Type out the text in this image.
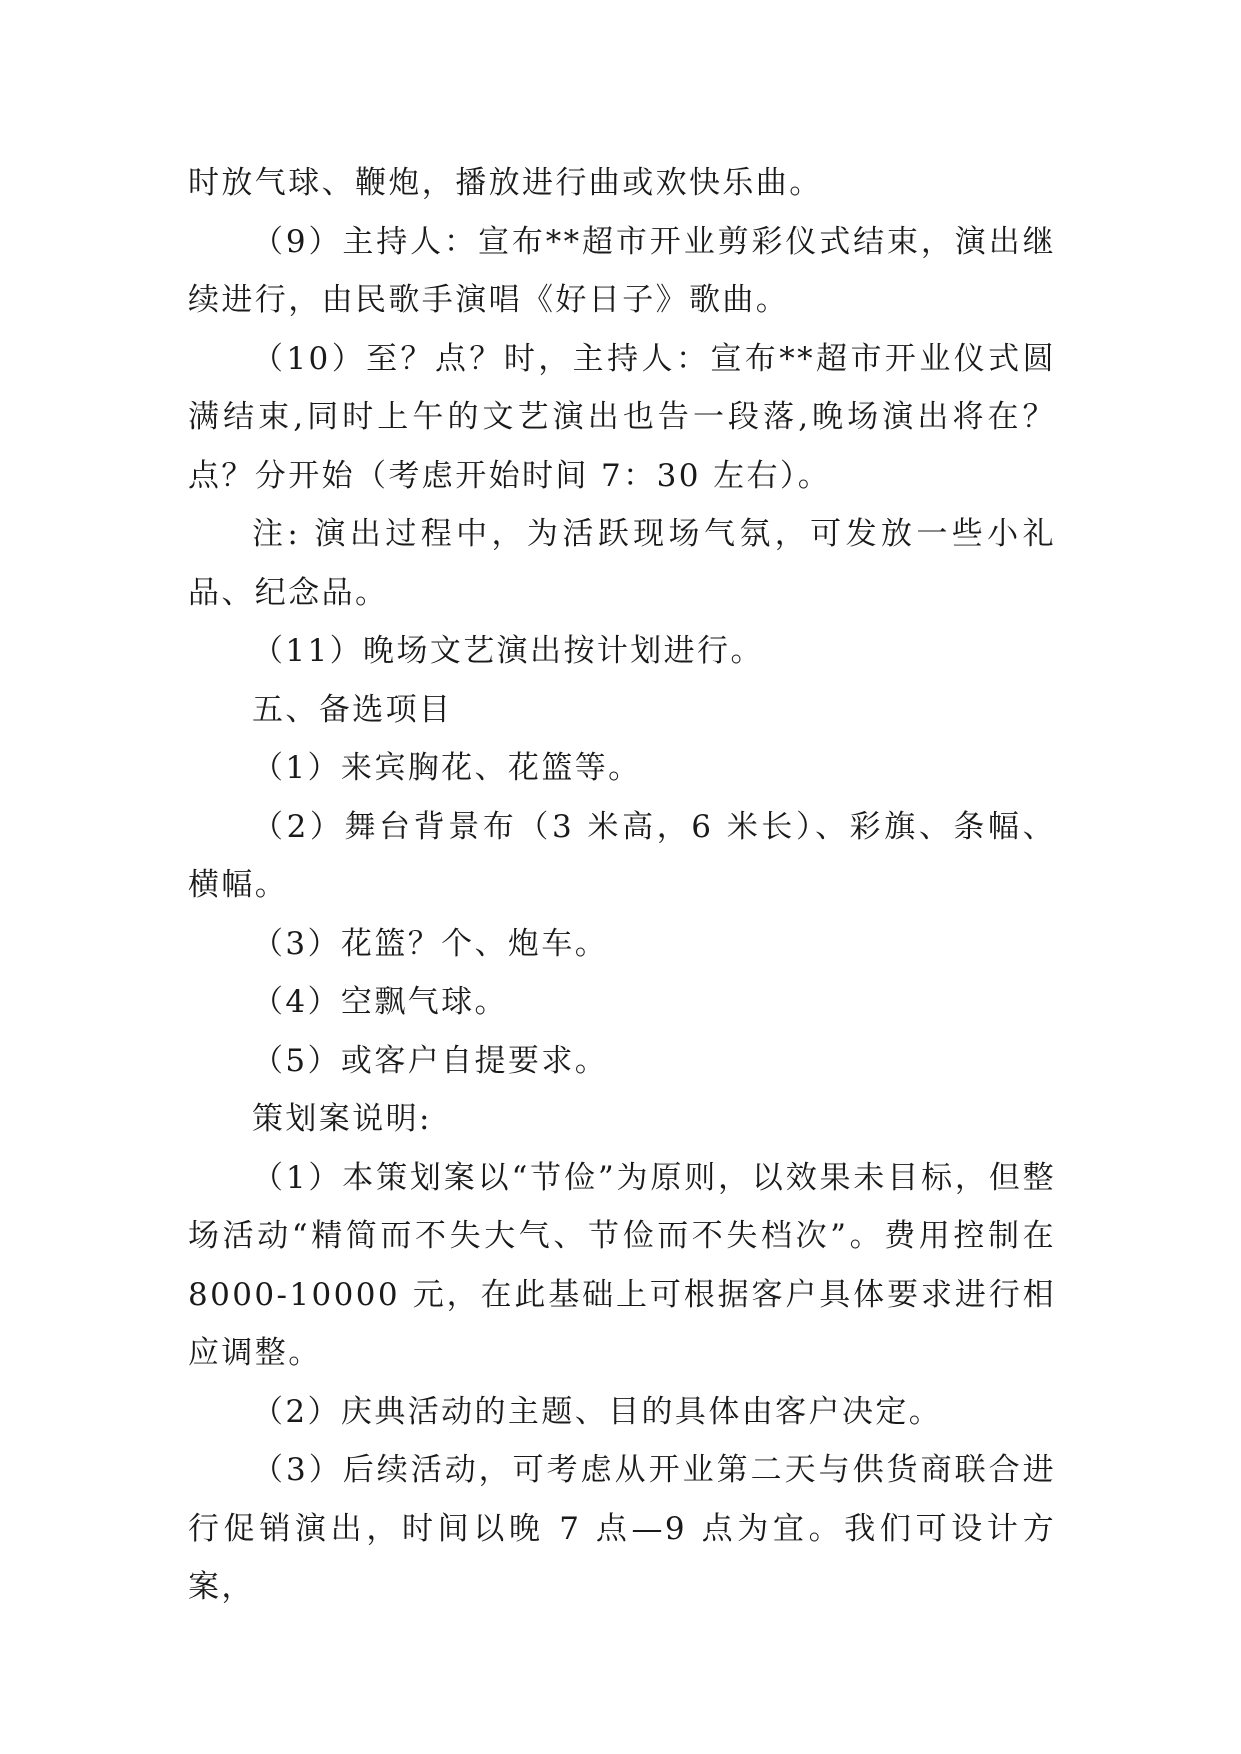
时放气球、鞭炮，播放进行曲或欢快乐曲。

（9）主持人：宣布**超市开业剪彩仪式结束，演出继续进行，由民歌手演唱《好日子》歌曲。

（10）至？点？时，主持人：宣布**超市开业仪式圆满结束,同时上午的文艺演出也告一段落,晚场演出将在？点？分开始（考虑开始时间 7：30 左右）。

注: 演出过程中，为活跃现场气氛，可发放一些小礼品、纪念品。

（11）晚场文艺演出按计划进行。

五、备选项目

（1）来宾胸花、花篮等。

（2）舞台背景布（3 米高，6 米长）、彩旗、条幅、横幅。

（3）花篮？个、炮车。

（4）空飘气球。

（5）或客户自提要求。

策划案说明:

（1）本策划案以“节俭”为原则，以效果未目标，但整场活动“精简而不失大气、节俭而不失档次”。费用控制在 8000-10000 元，在此基础上可根据客户具体要求进行相应调整。

（2）庆典活动的主题、目的具体由客户决定。

（3）后续活动，可考虑从开业第二天与供货商联合进行促销演出，时间以晚 7 点—9 点为宜。我们可设计方案，
